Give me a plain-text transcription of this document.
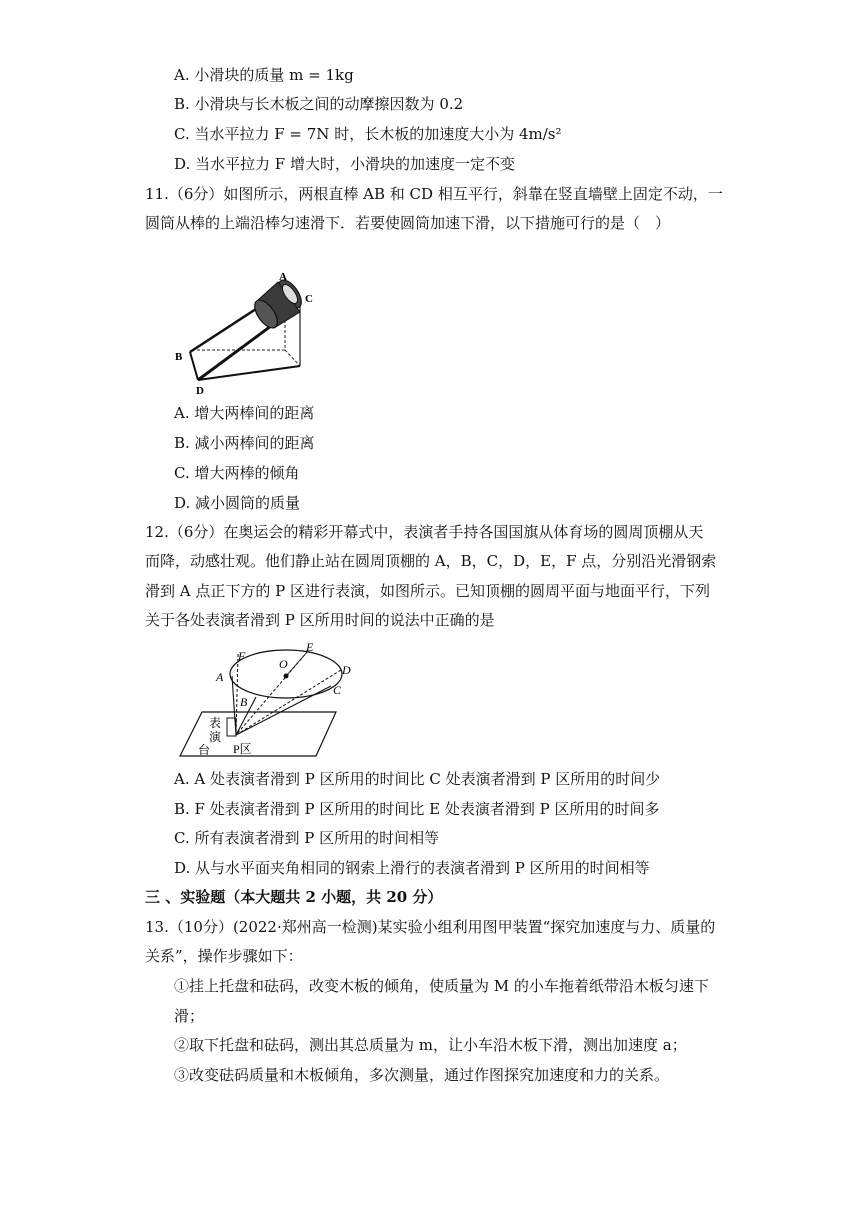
A. 小滑块的质量 m = 1kg
B. 小滑块与长木板之间的动摩擦因数为 0.2
C. 当水平拉力 F = 7N 时，长木板的加速度大小为 4m/s²
D. 当水平拉力 F 增大时，小滑块的加速度一定不变
11.（6分）如图所示，两根直棒 AB 和 CD 相互平行，斜靠在竖直墙壁上固定不动，一
圆筒从棒的上端沿棒匀速滑下．若要使圆筒加速下滑，以下措施可行的是（　）
A
C
B
D
A. 增大两棒间的距离
B. 减小两棒间的距离
C. 增大两棒的倾角
D. 减小圆筒的质量
12.（6分）在奥运会的精彩开幕式中，表演者手持各国国旗从体育场的圆周顶棚从天
而降，动感壮观。他们静止站在圆周顶棚的 A，B，C，D，E，F 点，分别沿光滑钢索
滑到 A 点正下方的 P 区进行表演，如图所示。已知顶棚的圆周平面与地面平行，下列
关于各处表演者滑到 P 区所用时间的说法中正确的是
F
O
E
D
A
C
B
表
演
台 P区
A. A 处表演者滑到 P 区所用的时间比 C 处表演者滑到 P 区所用的时间少
B. F 处表演者滑到 P 区所用的时间比 E 处表演者滑到 P 区所用的时间多
C. 所有表演者滑到 P 区所用的时间相等
D. 从与水平面夹角相同的钢索上滑行的表演者滑到 P 区所用的时间相等
三 、实验题（本大题共 2 小题，共 20 分）
13.（10分）(2022·郑州高一检测)某实验小组利用图甲装置“探究加速度与力、质量的
关系”，操作步骤如下：
①挂上托盘和砝码，改变木板的倾角，使质量为 M 的小车拖着纸带沿木板匀速下
滑；
②取下托盘和砝码，测出其总质量为 m，让小车沿木板下滑，测出加速度 a；
③改变砝码质量和木板倾角，多次测量，通过作图探究加速度和力的关系。
